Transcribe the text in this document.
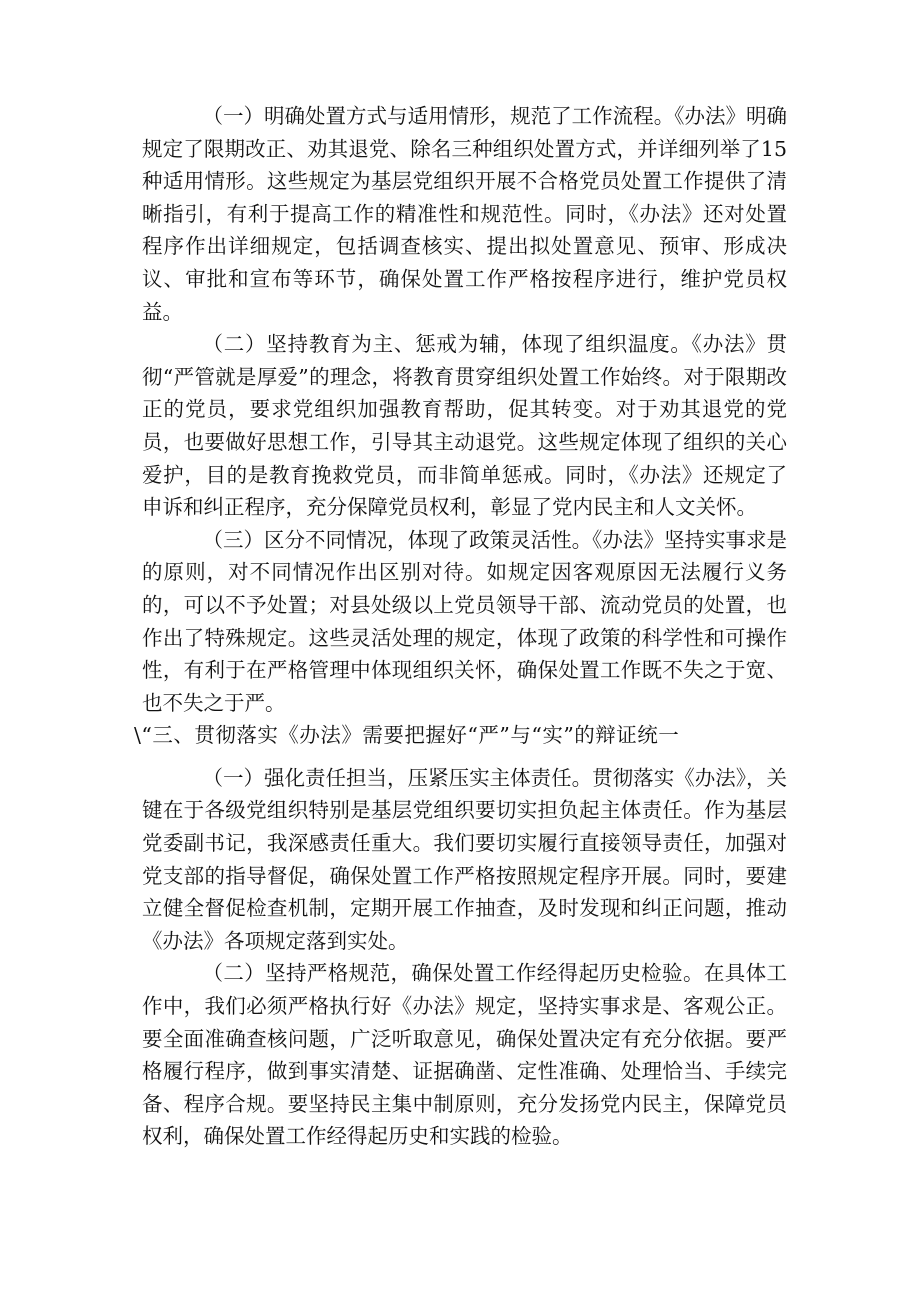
（一）明确处置方式与适用情形，规范了工作流程。《办法》明确规定了限期改正、劝其退党、除名三种组织处置方式，并详细列举了15种适用情形。这些规定为基层党组织开展不合格党员处置工作提供了清晰指引，有利于提高工作的精准性和规范性。同时，《办法》还对处置程序作出详细规定，包括调查核实、提出拟处置意见、预审、形成决议、审批和宣布等环节，确保处置工作严格按程序进行，维护党员权益。

（二）坚持教育为主、惩戒为辅，体现了组织温度。《办法》贯彻“严管就是厚爱”的理念，将教育贯穿组织处置工作始终。对于限期改正的党员，要求党组织加强教育帮助，促其转变。对于劝其退党的党员，也要做好思想工作，引导其主动退党。这些规定体现了组织的关心爱护，目的是教育挽救党员，而非简单惩戒。同时，《办法》还规定了申诉和纠正程序，充分保障党员权利，彰显了党内民主和人文关怀。

（三）区分不同情况，体现了政策灵活性。《办法》坚持实事求是的原则，对不同情况作出区别对待。如规定因客观原因无法履行义务的，可以不予处置；对县处级以上党员领导干部、流动党员的处置，也作出了特殊规定。这些灵活处理的规定，体现了政策的科学性和可操作性，有利于在严格管理中体现组织关怀，确保处置工作既不失之于宽、也不失之于严。

\“三、贯彻落实《办法》需要把握好“严”与“实”的辩证统一

（一）强化责任担当，压紧压实主体责任。贯彻落实《办法》，关键在于各级党组织特别是基层党组织要切实担负起主体责任。作为基层党委副书记，我深感责任重大。我们要切实履行直接领导责任，加强对党支部的指导督促，确保处置工作严格按照规定程序开展。同时，要建立健全督促检查机制，定期开展工作抽查，及时发现和纠正问题，推动《办法》各项规定落到实处。

（二）坚持严格规范，确保处置工作经得起历史检验。在具体工作中，我们必须严格执行好《办法》规定，坚持实事求是、客观公正。要全面准确查核问题，广泛听取意见，确保处置决定有充分依据。要严格履行程序，做到事实清楚、证据确凿、定性准确、处理恰当、手续完备、程序合规。要坚持民主集中制原则，充分发扬党内民主，保障党员权利，确保处置工作经得起历史和实践的检验。
